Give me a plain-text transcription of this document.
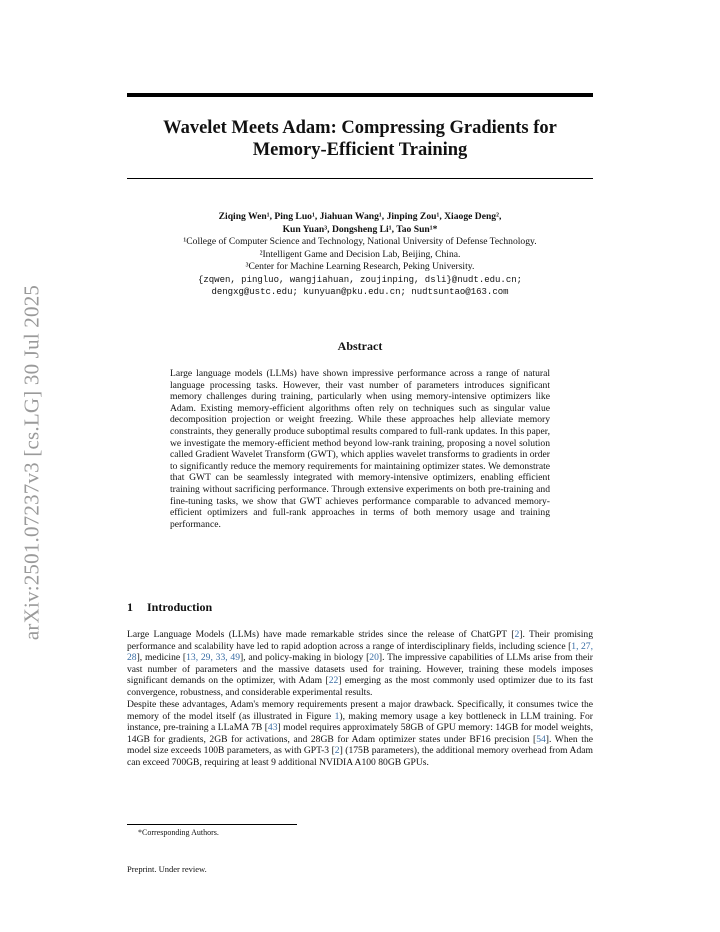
arXiv:2501.07237v3 [cs.LG] 30 Jul 2025
Wavelet Meets Adam: Compressing Gradients for Memory-Efficient Training
Ziqing Wen¹, Ping Luo¹, Jiahuan Wang¹, Jinping Zou¹, Xiaoge Deng²,
Kun Yuan³, Dongsheng Li¹, Tao Sun¹*
¹College of Computer Science and Technology, National University of Defense Technology.
²Intelligent Game and Decision Lab, Beijing, China.
³Center for Machine Learning Research, Peking University.
{zqwen, pingluo, wangjiahuan, zoujinping, dsli}@nudt.edu.cn;
dengxg@ustc.edu; kunyuan@pku.edu.cn; nudtsuntao@163.com
Abstract
Large language models (LLMs) have shown impressive performance across a range of natural language processing tasks. However, their vast number of parameters introduces significant memory challenges during training, particularly when using memory-intensive optimizers like Adam. Existing memory-efficient algorithms often rely on techniques such as singular value decomposition projection or weight freezing. While these approaches help alleviate memory constraints, they generally produce suboptimal results compared to full-rank updates. In this paper, we investigate the memory-efficient method beyond low-rank training, proposing a novel solution called Gradient Wavelet Transform (GWT), which applies wavelet transforms to gradients in order to significantly reduce the memory requirements for maintaining optimizer states. We demonstrate that GWT can be seamlessly integrated with memory-intensive optimizers, enabling efficient training without sacrificing performance. Through extensive experiments on both pre-training and fine-tuning tasks, we show that GWT achieves performance comparable to advanced memory-efficient optimizers and full-rank approaches in terms of both memory usage and training performance.
1 Introduction
Large Language Models (LLMs) have made remarkable strides since the release of ChatGPT [2]. Their promising performance and scalability have led to rapid adoption across a range of interdisciplinary fields, including science [1, 27, 28], medicine [13, 29, 33, 49], and policy-making in biology [20]. The impressive capabilities of LLMs arise from their vast number of parameters and the massive datasets used for training. However, training these models imposes significant demands on the optimizer, with Adam [22] emerging as the most commonly used optimizer due to its fast convergence, robustness, and considerable experimental results.
Despite these advantages, Adam's memory requirements present a major drawback. Specifically, it consumes twice the memory of the model itself (as illustrated in Figure 1), making memory usage a key bottleneck in LLM training. For instance, pre-training a LLaMA 7B [43] model requires approximately 58GB of GPU memory: 14GB for model weights, 14GB for gradients, 2GB for activations, and 28GB for Adam optimizer states under BF16 precision [54]. When the model size exceeds 100B parameters, as with GPT-3 [2] (175B parameters), the additional memory overhead from Adam can exceed 700GB, requiring at least 9 additional NVIDIA A100 80GB GPUs.
*Corresponding Authors.
Preprint. Under review.
